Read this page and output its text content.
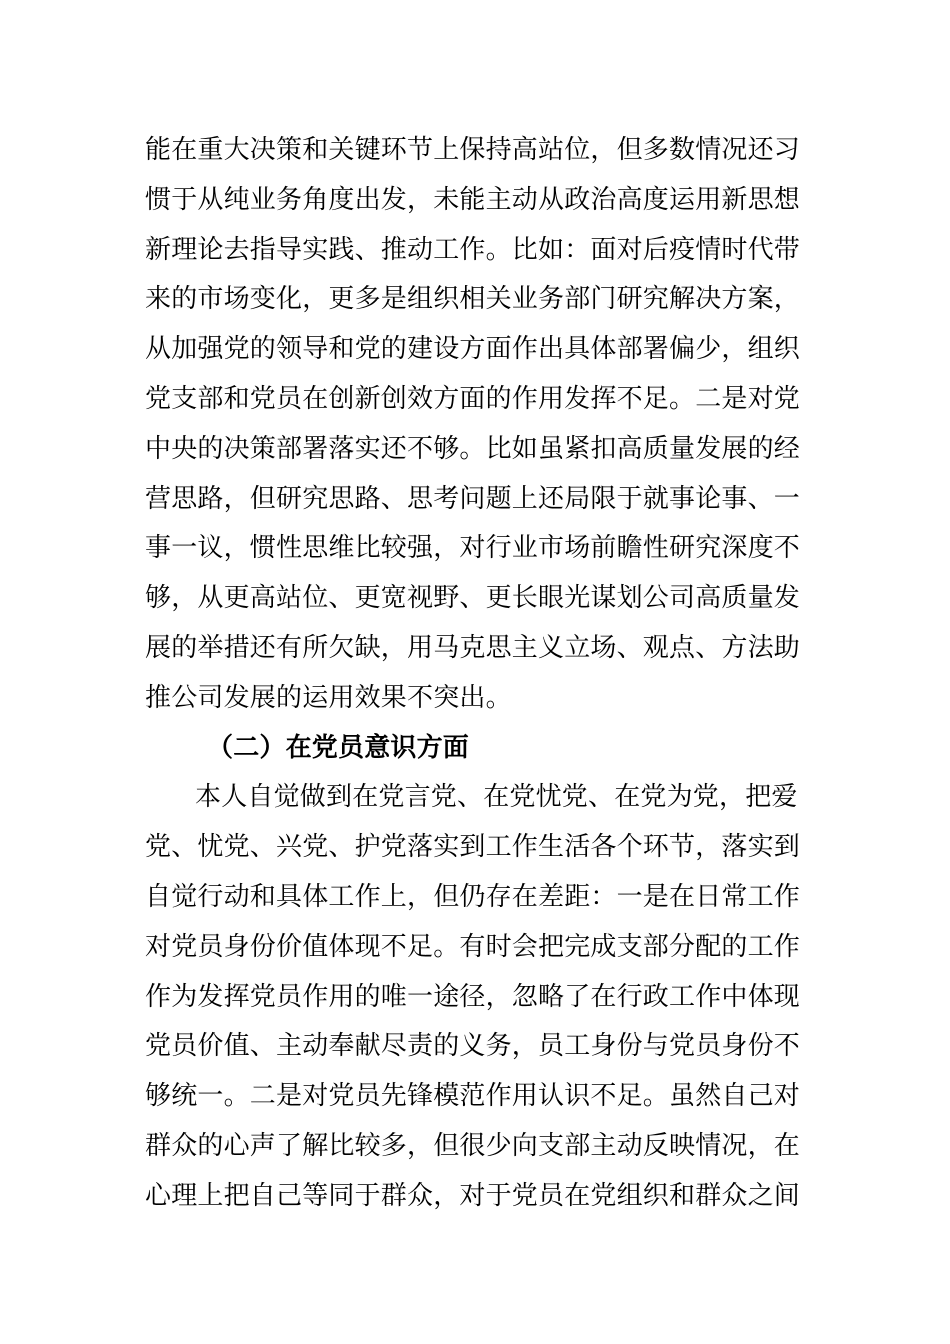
能在重大决策和关键环节上保持高站位，但多数情况还习
惯于从纯业务角度出发，未能主动从政治高度运用新思想
新理论去指导实践、推动工作。比如：面对后疫情时代带
来的市场变化，更多是组织相关业务部门研究解决方案，
从加强党的领导和党的建设方面作出具体部署偏少，组织
党支部和党员在创新创效方面的作用发挥不足。二是对党
中央的决策部署落实还不够。比如虽紧扣高质量发展的经
营思路，但研究思路、思考问题上还局限于就事论事、一
事一议，惯性思维比较强，对行业市场前瞻性研究深度不
够，从更高站位、更宽视野、更长眼光谋划公司高质量发
展的举措还有所欠缺，用马克思主义立场、观点、方法助
推公司发展的运用效果不突出。
（二）在党员意识方面
本人自觉做到在党言党、在党忧党、在党为党，把爱
党、忧党、兴党、护党落实到工作生活各个环节，落实到
自觉行动和具体工作上，但仍存在差距：一是在日常工作
对党员身份价值体现不足。有时会把完成支部分配的工作
作为发挥党员作用的唯一途径，忽略了在行政工作中体现
党员价值、主动奉献尽责的义务，员工身份与党员身份不
够统一。二是对党员先锋模范作用认识不足。虽然自己对
群众的心声了解比较多，但很少向支部主动反映情况，在
心理上把自己等同于群众，对于党员在党组织和群众之间
